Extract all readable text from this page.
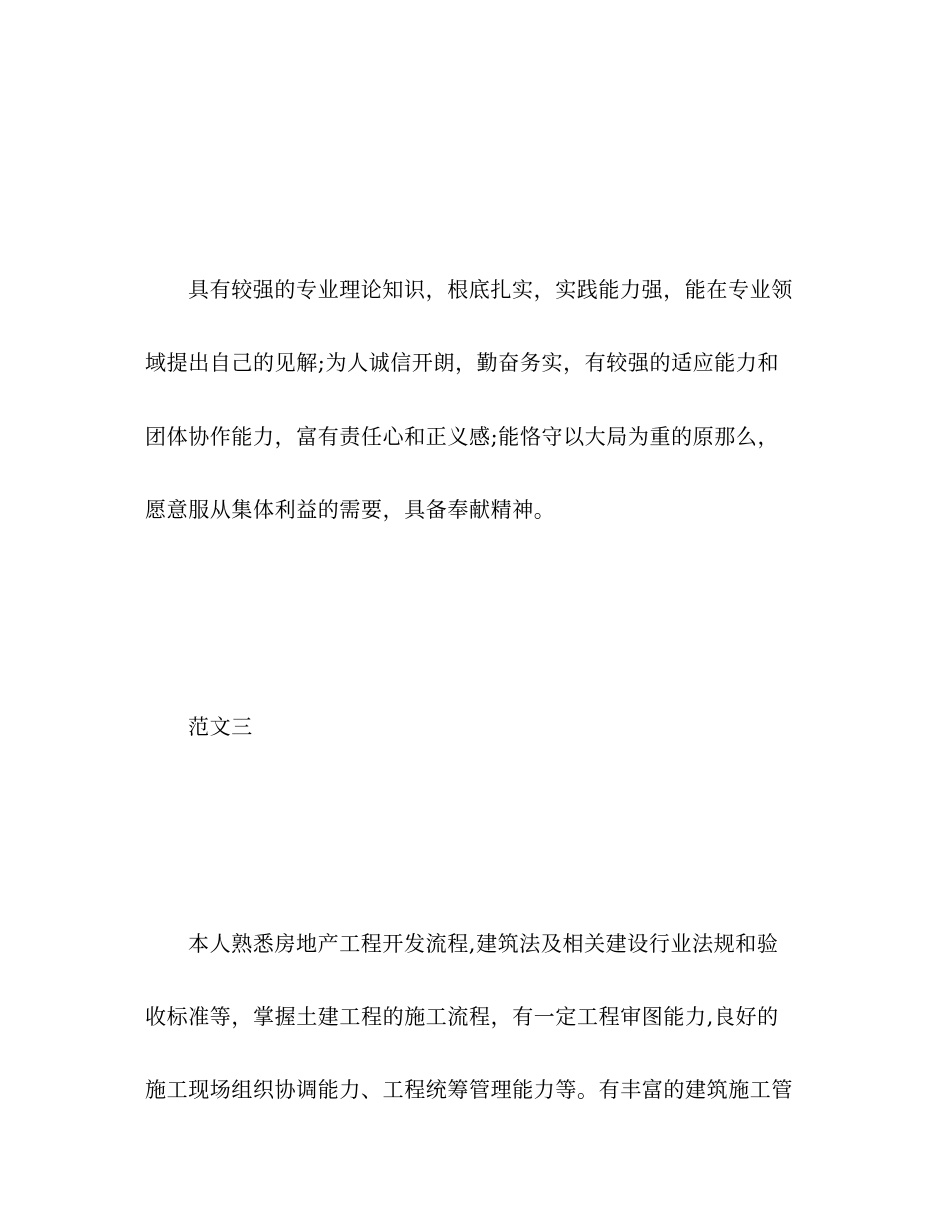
具有较强的专业理论知识，根底扎实，实践能力强，能在专业领
域提出自己的见解;为人诚信开朗，勤奋务实，有较强的适应能力和
团体协作能力，富有责任心和正义感;能恪守以大局为重的原那么，
愿意服从集体利益的需要，具备奉献精神。
范文三
本人熟悉房地产工程开发流程,建筑法及相关建设行业法规和验
收标准等，掌握土建工程的施工流程，有一定工程审图能力,良好的
施工现场组织协调能力、工程统筹管理能力等。有丰富的建筑施工管
